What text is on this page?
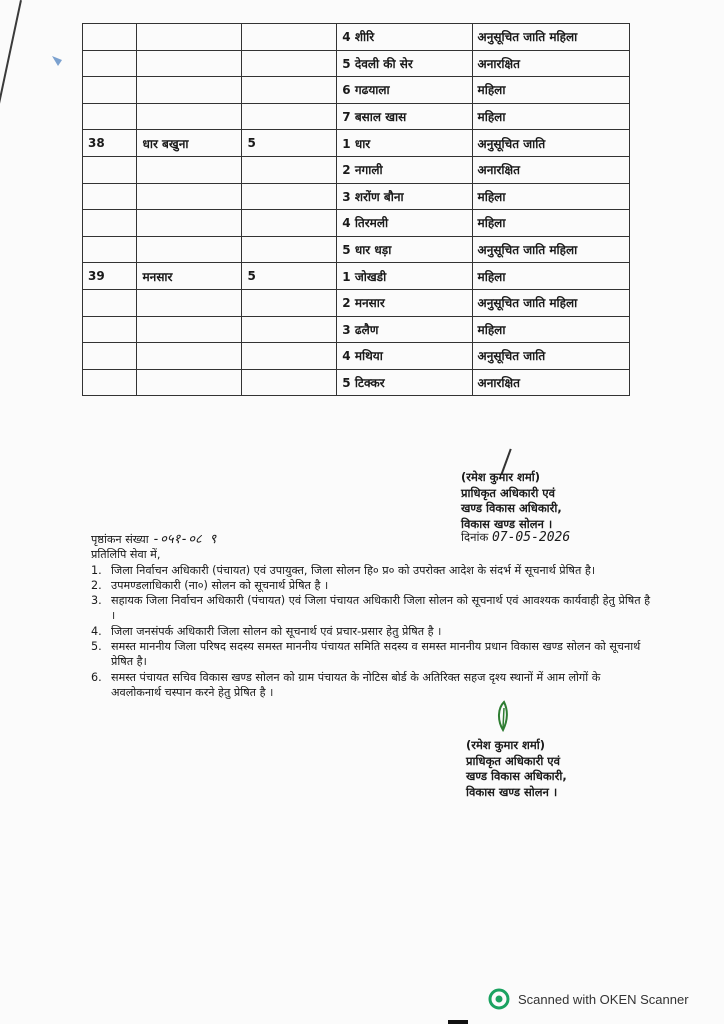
			4 शीरि	अनुसूचित जाति महिला
			5 देवली की सेर	अनारक्षित
			6 गढयाला	महिला
			7 बसाल खास	महिला
38	धार बखुना	5	1 धार	अनुसूचित जाति
			2 नगाली	अनारक्षित
			3 शरोंण बौना	महिला
			4 तिरमली	महिला
			5 धार धड़ा	अनुसूचित जाति महिला
39	मनसार	5	1 जोखडी	महिला
			2 मनसार	अनुसूचित जाति महिला
			3 ढलैण	महिला
			4 मथिया	अनुसूचित जाति
			5 टिक्कर	अनारक्षित
(रमेश कुमार शर्मा)
प्राधिकृत अधिकारी एवं
खण्ड विकास अधिकारी,
विकास खण्ड सोलन ।
दिनांक 07-05-2026
पृष्ठांकन संख्या -०५१-०८ ९
प्रतिलिपि सेवा में,
1. जिला निर्वाचन अधिकारी (पंचायत) एवं उपायुक्त, जिला सोलन हि० प्र० को उपरोक्त आदेश के संदर्भ में सूचनार्थ प्रेषित है।
2. उपमण्डलाधिकारी (ना०) सोलन को सूचनार्थ प्रेषित है ।
3. सहायक जिला निर्वाचन अधिकारी (पंचायत) एवं जिला पंचायत अधिकारी जिला सोलन को सूचनार्थ एवं आवश्यक कार्यवाही हेतु प्रेषित है ।
4. जिला जनसंपर्क अधिकारी जिला सोलन को सूचनार्थ एवं प्रचार-प्रसार हेतु प्रेषित है ।
5. समस्त माननीय जिला परिषद सदस्य समस्त माननीय पंचायत समिति सदस्य व समस्त माननीय प्रधान विकास खण्ड सोलन को सूचनार्थ प्रेषित है।
6. समस्त पंचायत सचिव विकास खण्ड सोलन को ग्राम पंचायत के नोटिस बोर्ड के अतिरिक्त सहज दृश्य स्थानों में आम लोगों के अवलोकनार्थ चस्पान करने हेतु प्रेषित है ।
(रमेश कुमार शर्मा)
प्राधिकृत अधिकारी एवं
खण्ड विकास अधिकारी,
विकास खण्ड सोलन ।
Scanned with OKEN Scanner
